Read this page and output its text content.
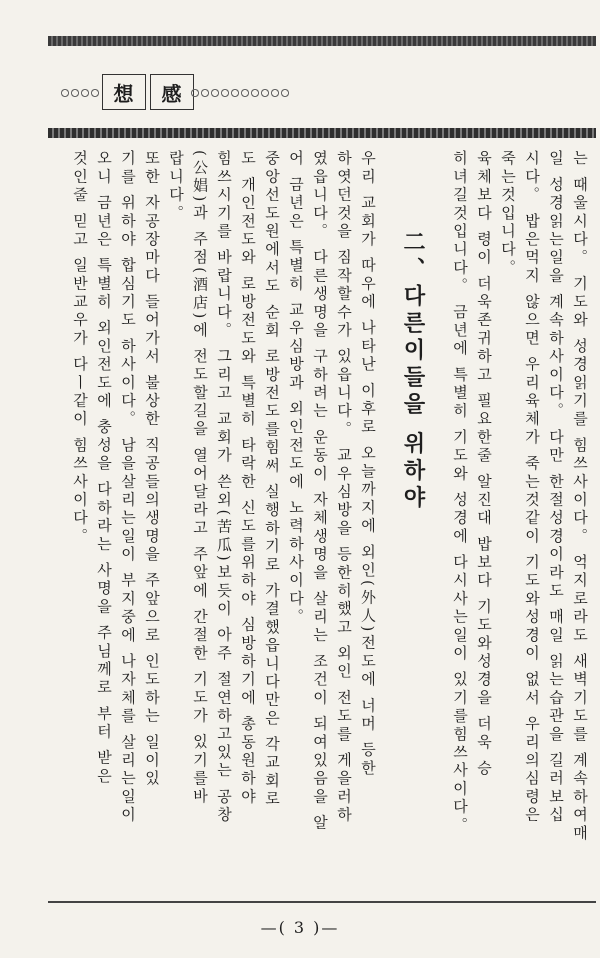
想	感
는 때울시다。 기도와 성경읽기를 힘쓰사이다。 억지로라도 새벽기도를 계속하여매
일 성경읽는일을 계속하사이다。 다만 한절성경이라도 매일 읽는습관을 길러보십
시다。 밥은먹지 않으면 우리육체가 죽는것같이 기도와성경이 없서 우리의심령은
죽는것입니다。
육체보다 령이 더욱존귀하고 필요한줄 알진대 밥보다 기도와성경을 더욱 승
히녀길것입니다。 금년에 특별히 기도와 성경에 다시사는일이 있기를힘쓰사이다。
二、다른이들을 위하야
우리 교회가 따우에 나타난 이후로 오늘까지에 외인(外人)전도에 너머 등한
하엿던것을 짐작할수가 있읍니다。 교우심방을 등한히했고 외인 전도를 게을러하
였읍니다。 다른생명을 구하려는 운동이 자체생명을 살리는 조건이 되여있음을 알
어 금년은 특별히 교우심방과 외인전도에 노력하사이다。
중앙선도원에서도 순회 로방전도를힘써 실행하기로 가결했읍니다만은 각교회로
도 개인전도와 로방전도와 특별히 타락한 신도를위하야 심방하기에 총동원하야
힘쓰시기를 바랍니다。 그리고 교회가 쓴외(苦瓜)보듯이 아주 절연하고있는 공창
(公娼)과 주점(酒店)에 전도할길을 열어달라고 주앞에 간절한 기도가 있기를바
랍니다。
또한 자공장마다 들어가서 불상한 직공들의생명을 주앞으로 인도하는 일이있
기를 위하야 합심기도 하사이다。 남을살리는일이 부지중에 나자체를 살리는일이
오니 금년은 특별히 외인전도에 충성을 다하라는 사명을 주님께로 부터 받은
것인줄 믿고 일반교우가 다ㅣ같이 힘쓰사이다。
—( 3 )—
